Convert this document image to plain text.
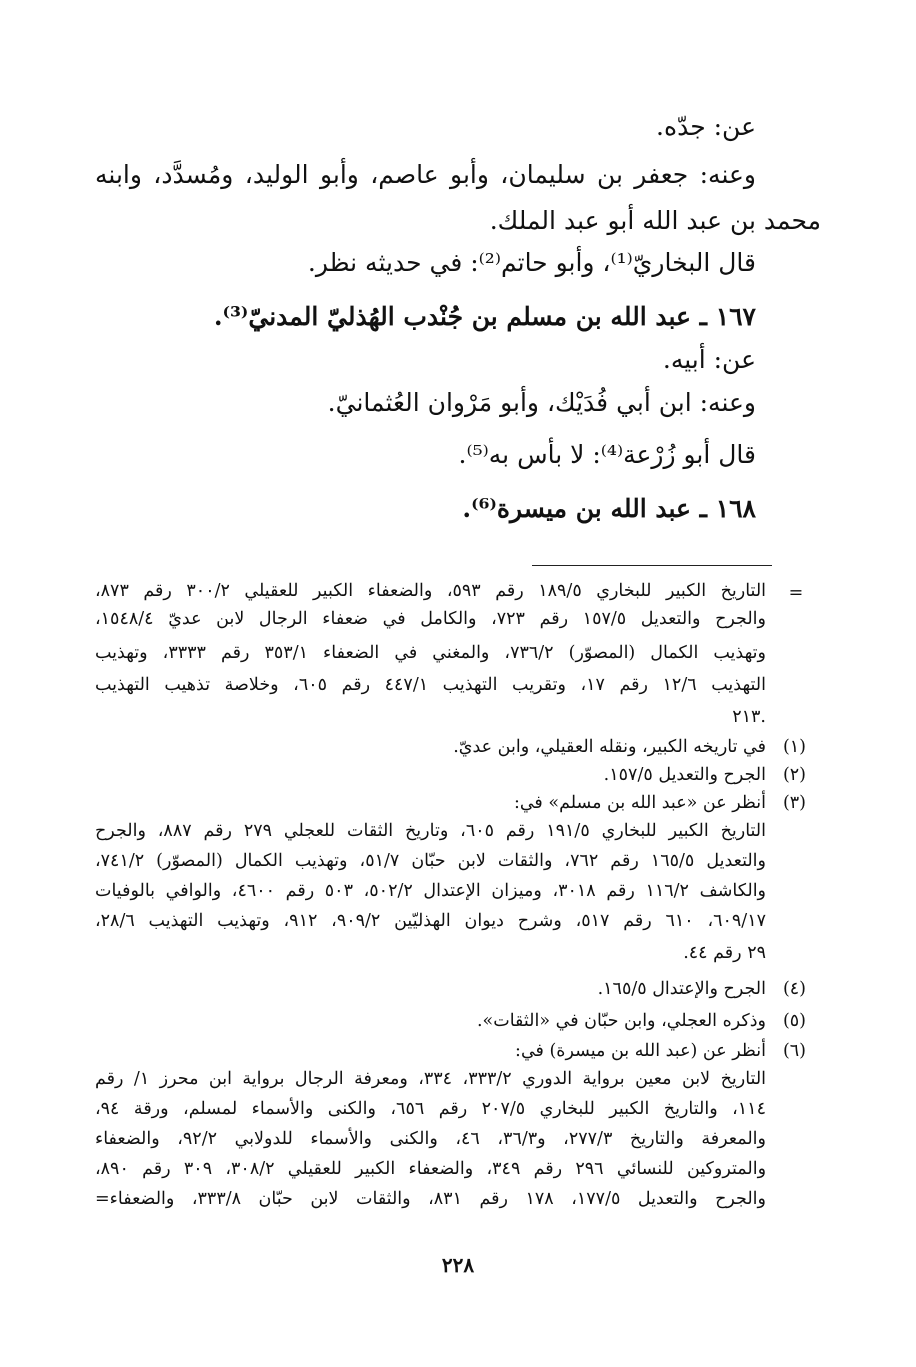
عن: جدّه.

وعنه: جعفر بن سليمان، وأبو عاصم، وأبو الوليد، ومُسدَّد، وابنه

محمد بن عبد الله أبو عبد الملك.

قال البخاريّ⁽¹⁾، وأبو حاتم⁽²⁾: في حديثه نظر.

١٦٧ ـ عبد الله بن مسلم بن جُنْدب الهُذليّ المدنيّ⁽³⁾.

عن: أبيه.

وعنه: ابن أبي فُدَيْك، وأبو مَرْوان العُثمانيّ.

قال أبو زُرْعة⁽⁴⁾: لا بأس به⁽⁵⁾.

١٦٨ ـ عبد الله بن ميسرة⁽⁶⁾.

=

التاريخ الكبير للبخاري ١٨٩/٥ رقم ٥٩٣، والضعفاء الكبير للعقيلي ٣٠٠/٢ رقم ٨٧٣،

والجرح والتعديل ١٥٧/٥ رقم ٧٢٣، والكامل في ضعفاء الرجال لابن عديّ ١٥٤٨/٤،

وتهذيب الكمال (المصوّر) ٧٣٦/٢، والمغني في الضعفاء ٣٥٣/١ رقم ٣٣٣٣، وتهذيب

التهذيب ١٢/٦ رقم ١٧، وتقريب التهذيب ٤٤٧/١ رقم ٦٠٥، وخلاصة تذهيب التهذيب

٢١٣.

(١)

في تاريخه الكبير، ونقله العقيلي، وابن عديّ.

(٢)

الجرح والتعديل ١٥٧/٥.

(٣)

أنظر عن «عبد الله بن مسلم» في:

التاريخ الكبير للبخاري ١٩١/٥ رقم ٦٠٥، وتاريخ الثقات للعجلي ٢٧٩ رقم ٨٨٧، والجرح

والتعديل ١٦٥/٥ رقم ٧٦٢، والثقات لابن حبّان ٥١/٧، وتهذيب الكمال (المصوّر) ٧٤١/٢،

والكاشف ١١٦/٢ رقم ٣٠١٨، وميزان الإعتدال ٥٠٢/٢، ٥٠٣ رقم ٤٦٠٠، والوافي بالوفيات

٦٠٩/١٧، ٦١٠ رقم ٥١٧، وشرح ديوان الهذليّين ٩٠٩/٢، ٩١٢، وتهذيب التهذيب ٢٨/٦،

٢٩ رقم ٤٤.

(٤)

الجرح والإعتدال ١٦٥/٥.

(٥)

وذكره العجلي، وابن حبّان في «الثقات».

(٦)

أنظر عن (عبد الله بن ميسرة) في:

التاريخ لابن معين برواية الدوري ٣٣٣/٢، ٣٣٤، ومعرفة الرجال برواية ابن محرز ١/ رقم

١١٤، والتاريخ الكبير للبخاري ٢٠٧/٥ رقم ٦٥٦، والكنى والأسماء لمسلم، ورقة ٩٤،

والمعرفة والتاريخ ٢٧٧/٣، و٣٦/٣، ٤٦، والكنى والأسماء للدولابي ٩٢/٢، والضعفاء

والمتروكين للنسائي ٢٩٦ رقم ٣٤٩، والضعفاء الكبير للعقيلي ٣٠٨/٢، ٣٠٩ رقم ٨٩٠،

والجرح والتعديل ١٧٧/٥، ١٧٨ رقم ٨٣١، والثقات لابن حبّان ٣٣٣/٨، والضعفاء=

٢٢٨
